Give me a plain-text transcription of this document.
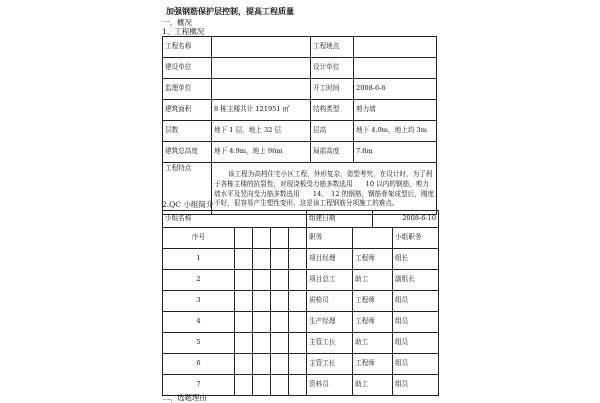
加强钢筋保护层控制，提高工程质量
一、概况
1、工程概况
工程名称		工程地点	
建设单位		设计单位	
监理单位		开工时间	2008-6-6
建筑面积	8 栋主楼共计 121951 ㎡	结构类型	剪力墙
层数	地下 1 层，地上 32 层	层高	地下 4.9m，地上均 3m
建筑总高度	地下 4.9m，地上 96m	局部高度	7.8m
工程特点	该工程为高档住宅小区工程，外形复杂，造型考究，在设计时，为了利于各栋主楼的抗裂性，对现浇板受力筋多数选用　　10 以内的钢筋，剪力墙水平及竖向受力筋多数选用　　14、　12 的钢筋，钢筋骨架成型后，刚度不好，很容易产生塑性变形，这是该工程钢筋分项施工的难点。		
2.QC 小组简介
小组名称					组建日期		2008-6-10	
序号					职务			小组职务
1					项目经理	工程师		组长
2					项目总工	助工		副组长
3					质检员	工程师		组员
4					生产经理	工程师		组员
5					主管工长	助工		组员
6					主管工长	工程师		组员
7					资料员	助工		组员
二、选题理由
